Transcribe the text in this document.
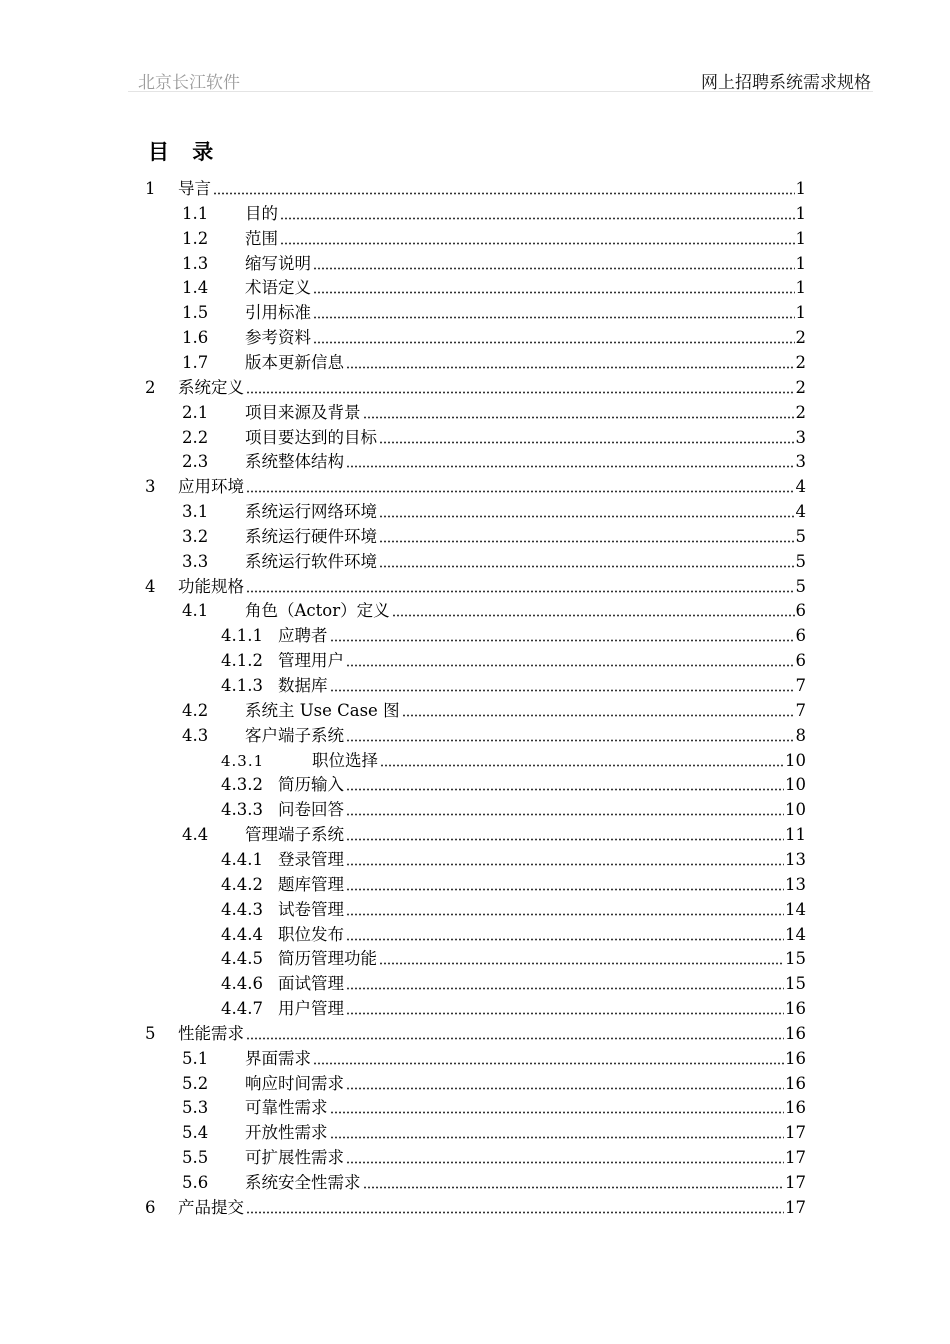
北京长江软件	网上招聘系统需求规格
目 录
1	导言	1
1.1	目的	1
1.2	范围	1
1.3	缩写说明	1
1.4	术语定义	1
1.5	引用标准	1
1.6	参考资料	2
1.7	版本更新信息	2
2	系统定义	2
2.1	项目来源及背景	2
2.2	项目要达到的目标	3
2.3	系统整体结构	3
3	应用环境	4
3.1	系统运行网络环境	4
3.2	系统运行硬件环境	5
3.3	系统运行软件环境	5
4	功能规格	5
4.1	角色（Actor）定义	6
4.1.1 应聘者	6
4.1.2 管理用户	6
4.1.3 数据库	7
4.2	系统主 Use Case 图	7
4.3	客户端子系统	8
4.3.1	职位选择	10
4.3.2 简历输入	10
4.3.3 问卷回答	10
4.4	管理端子系统	11
4.4.1 登录管理	13
4.4.2 题库管理	13
4.4.3 试卷管理	14
4.4.4 职位发布	14
4.4.5 简历管理功能	15
4.4.6 面试管理	15
4.4.7 用户管理	16
5	性能需求	16
5.1	界面需求	16
5.2	响应时间需求	16
5.3	可靠性需求	16
5.4	开放性需求	17
5.5	可扩展性需求	17
5.6	系统安全性需求	17
6	产品提交	17
